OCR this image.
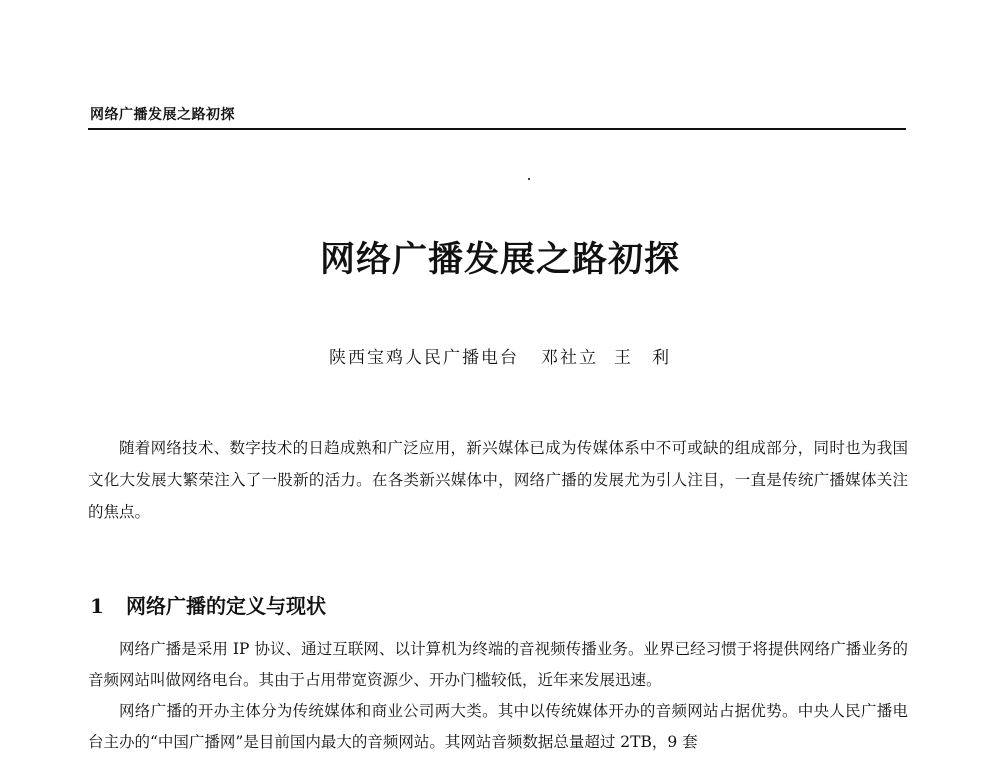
网络广播发展之路初探
网络广播发展之路初探
陕西宝鸡人民广播电台 邓社立 王　利

随着网络技术、数字技术的日趋成熟和广泛应用，新兴媒体已成为传媒体系中不可或缺的组成部分，同时也为我国文化大发展大繁荣注入了一股新的活力。在各类新兴媒体中，网络广播的发展尤为引人注目，一直是传统广播媒体关注的焦点。

1 网络广播的定义与现状

网络广播是采用 IP 协议、通过互联网、以计算机为终端的音视频传播业务。业界已经习惯于将提供网络广播业务的音频网站叫做网络电台。其由于占用带宽资源少、开办门槛较低，近年来发展迅速。

网络广播的开办主体分为传统媒体和商业公司两大类。其中以传统媒体开办的音频网站占据优势。中央人民广播电台主办的“中国广播网”是目前国内最大的音频网站。其网站音频数据总量超过 2TB，9 套
